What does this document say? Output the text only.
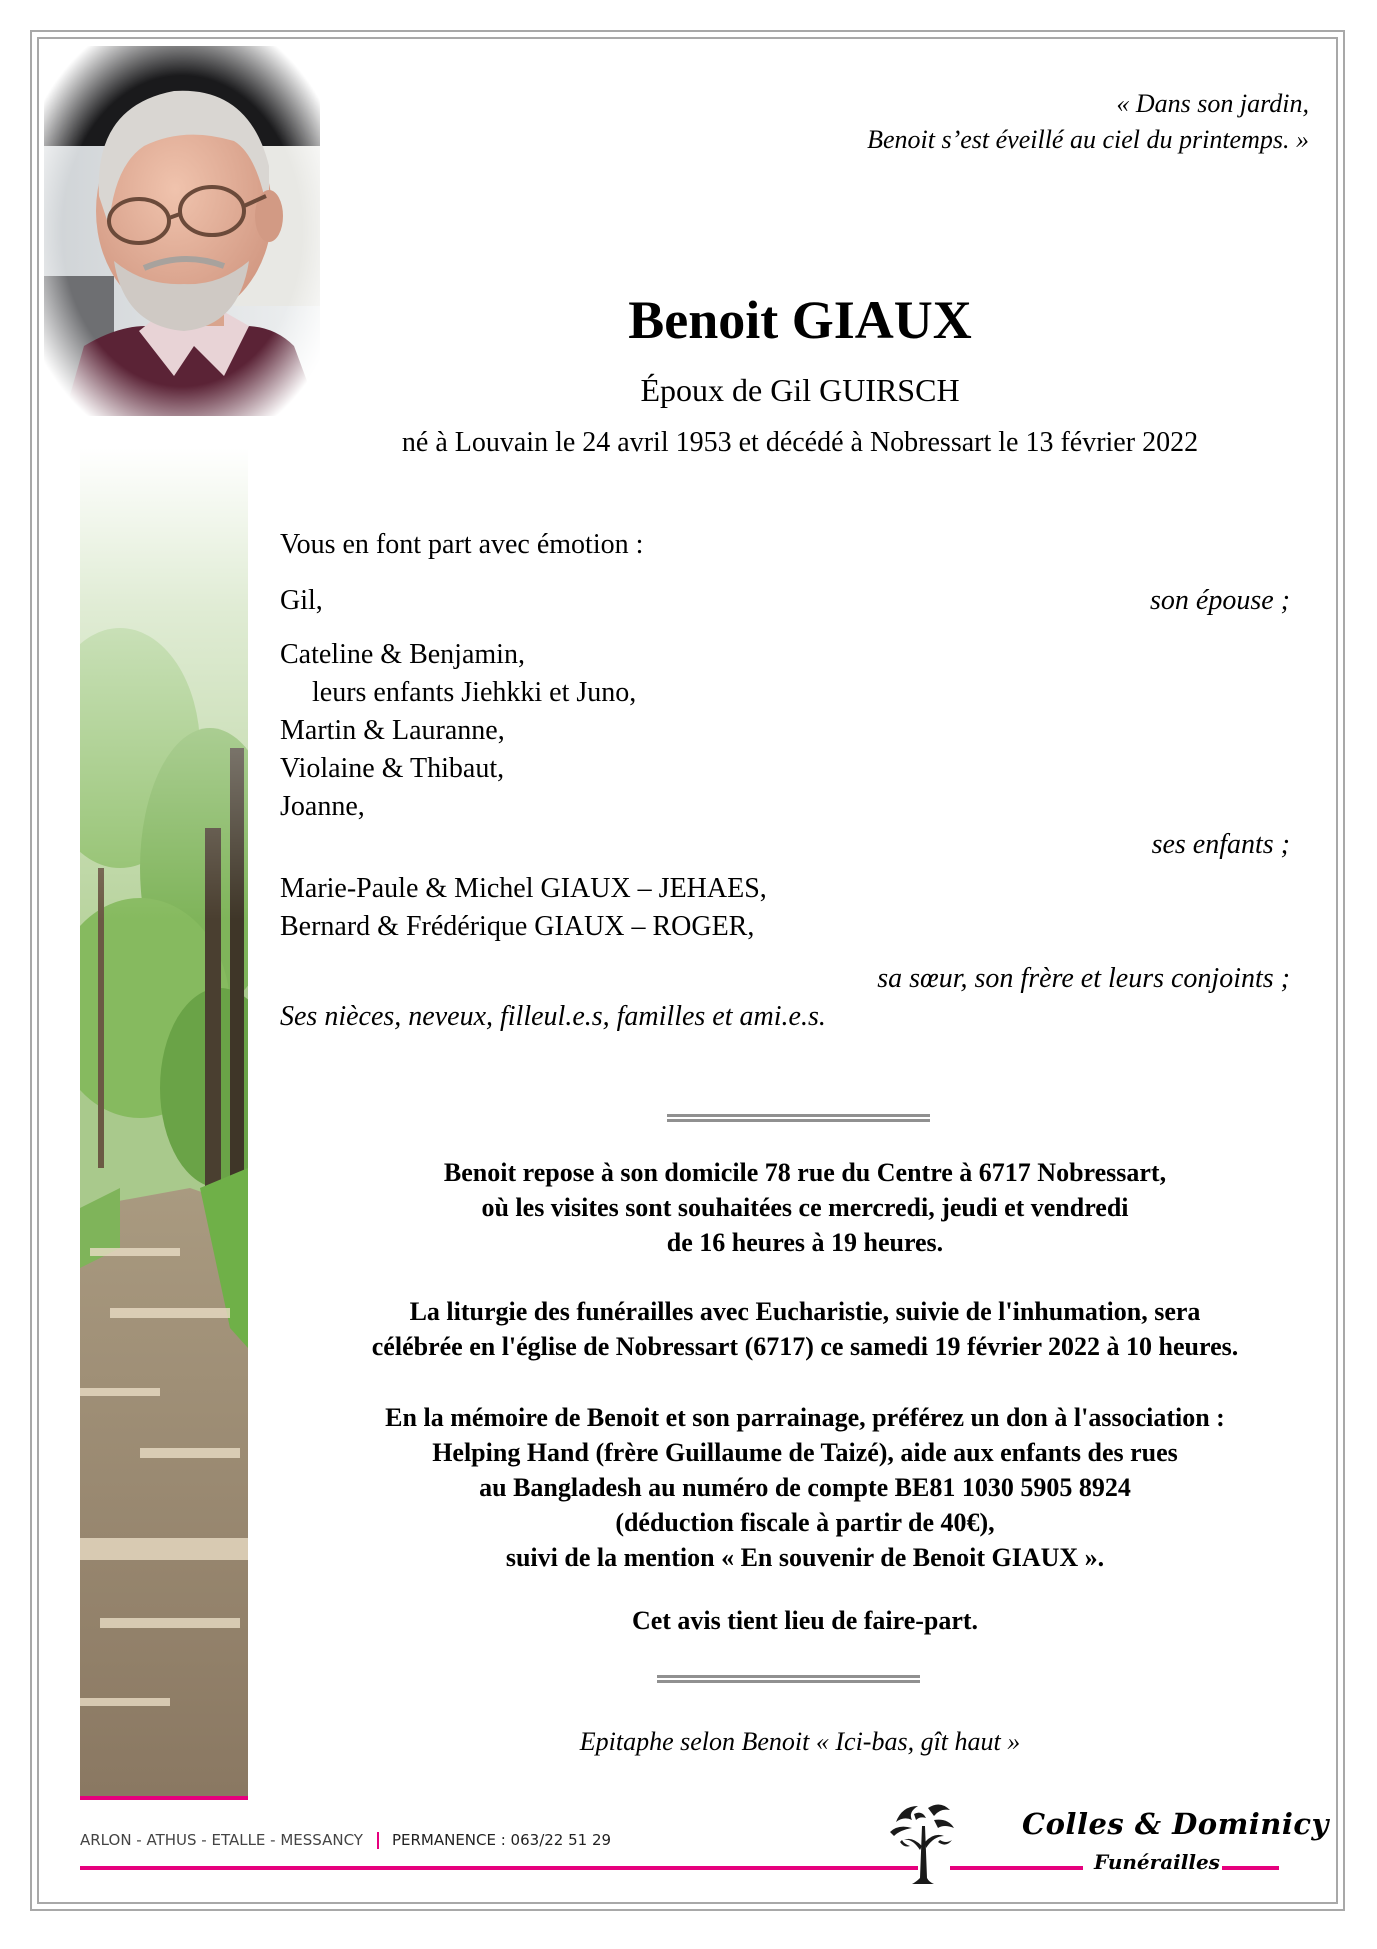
« Dans son jardin,
Benoit s’est éveillé au ciel du printemps. »
Benoit GIAUX
Époux de Gil GUIRSCH
né à Louvain le 24 avril 1953 et décédé à Nobressart le 13 février 2022
Vous en font part avec émotion :
Gil,	son épouse ;
Cateline & Benjamin,
leurs enfants Jiehkki et Juno,
Martin & Lauranne,
Violaine & Thibaut,
Joanne,
ses enfants ;
Marie-Paule & Michel GIAUX – JEHAES,
Bernard & Frédérique GIAUX – ROGER,
sa sœur, son frère et leurs conjoints ;
Ses nièces, neveux, filleul.e.s, familles et ami.e.s.
Benoit repose à son domicile 78 rue du Centre à 6717 Nobressart,
où les visites sont souhaitées ce mercredi, jeudi et vendredi
de 16 heures à 19 heures.
La liturgie des funérailles avec Eucharistie, suivie de l'inhumation, sera
célébrée en l'église de Nobressart (6717) ce samedi 19 février 2022 à 10 heures.
En la mémoire de Benoit et son parrainage, préférez un don à l'association :
Helping Hand (frère Guillaume de Taizé), aide aux enfants des rues
au Bangladesh au numéro de compte BE81 1030 5905 8924
(déduction fiscale à partir de 40€),
suivi de la mention « En souvenir de Benoit GIAUX ».
Cet avis tient lieu de faire-part.
Epitaphe selon Benoit « Ici-bas, gît haut »
ARLON - ATHUS - ETALLE - MESSANCY PERMANENCE : 063/22 51 29	Colles & Dominicy
Funérailles
